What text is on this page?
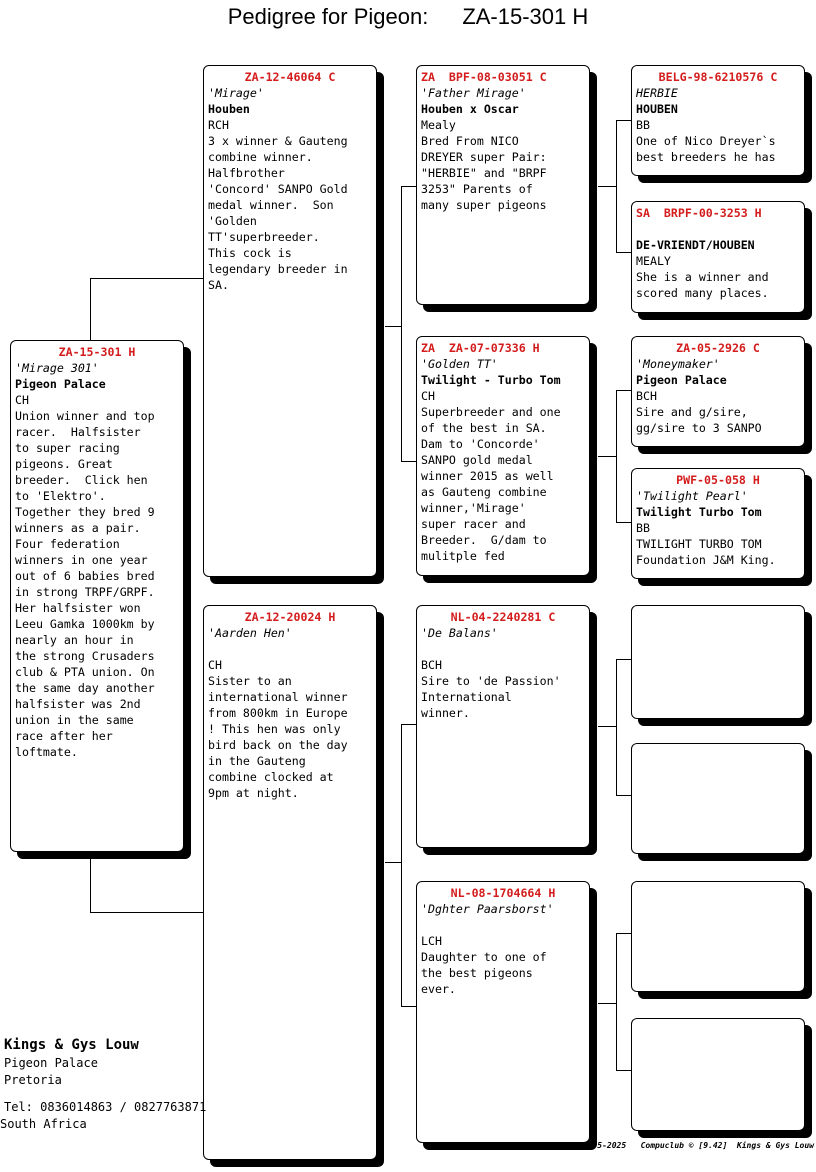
Pedigree for Pigeon: ZA-15-301 H
ZA-15-301 H
'Mirage 301'
Pigeon Palace
CH
Union winner and top
racer.  Halfsister
to super racing
pigeons. Great
breeder.  Click hen
to 'Elektro'.
Together they bred 9
winners as a pair.
Four federation
winners in one year
out of 6 babies bred
in strong TRPF/GRPF.
Her halfsister won
Leeu Gamka 1000km by
nearly an hour in
the strong Crusaders
club & PTA union. On
the same day another
halfsister was 2nd
union in the same
race after her
loftmate.
ZA-12-46064 C
'Mirage'
Houben
RCH
3 x winner & Gauteng
combine winner.
Halfbrother
'Concord' SANPO Gold
medal winner.  Son
'Golden
TT'superbreeder.
This cock is
legendary breeder in
SA.
ZA-12-20024 H
'Aarden Hen'

CH
Sister to an
international winner
from 800km in Europe
! This hen was only
bird back on the day
in the Gauteng
combine clocked at
9pm at night.
ZA  BPF-08-03051 C
'Father Mirage'
Houben x Oscar
Mealy
Bred From NICO
DREYER super Pair:
"HERBIE" and "BRPF
3253" Parents of
many super pigeons
ZA  ZA-07-07336 H
'Golden TT'
Twilight - Turbo Tom
CH
Superbreeder and one
of the best in SA.
Dam to 'Concorde'
SANPO gold medal
winner 2015 as well
as Gauteng combine
winner,'Mirage'
super racer and
Breeder.  G/dam to
mulitple fed
NL-04-2240281 C
'De Balans'

BCH
Sire to 'de Passion'
International
winner.
NL-08-1704664 H
'Dghter Paarsborst'

LCH
Daughter to one of
the best pigeons
ever.
BELG-98-6210576 C
HERBIE
HOUBEN
BB
One of Nico Dreyer`s
best breeders he has
SA  BRPF-00-3253 H

DE-VRIENDT/HOUBEN
MEALY
She is a winner and
scored many places.
ZA-05-2926 C
'Moneymaker'
Pigeon Palace
BCH
Sire and g/sire,
gg/sire to 3 SANPO
PWF-05-058 H
'Twilight Pearl'
Twilight Turbo Tom
BB
TWILIGHT TURBO TOM
Foundation J&M King.
Kings & Gys Louw
Pigeon Palace
Pretoria
Tel: 0836014863 / 0827763871
South Africa
05-05-2025   Compuclub © [9.42]  Kings & Gys Louw
